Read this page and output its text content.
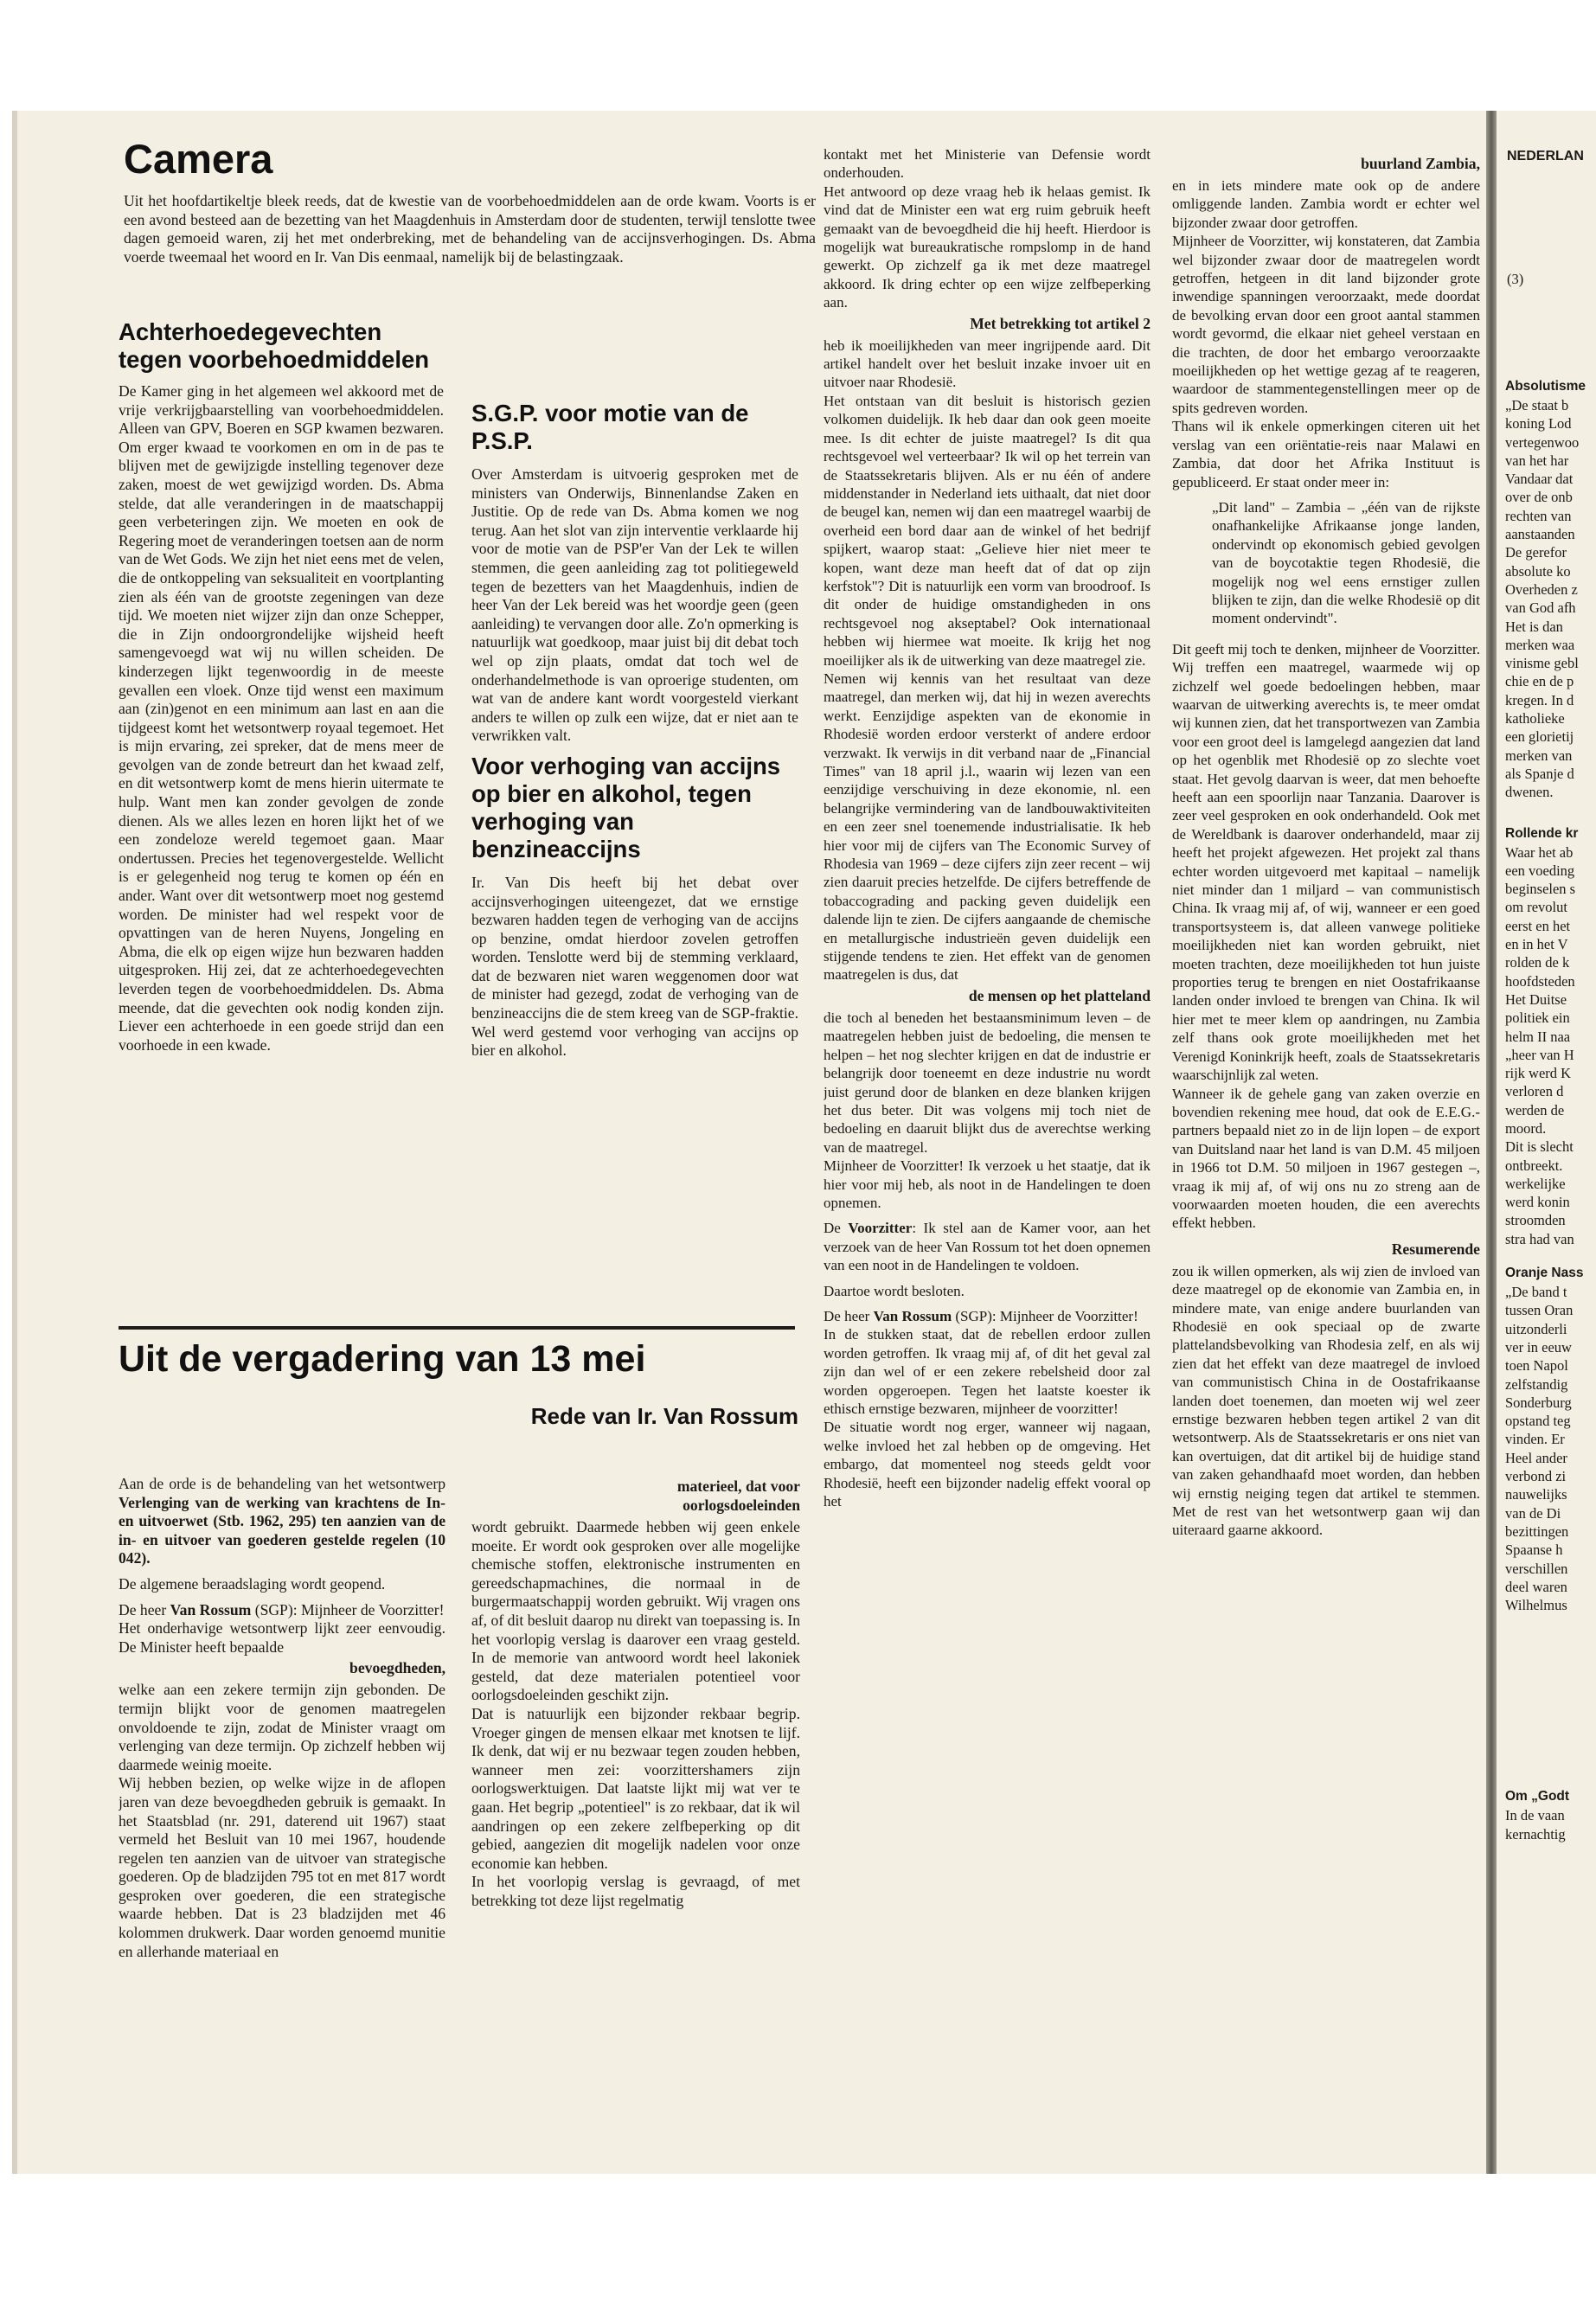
Camera
Uit het hoofdartikeltje bleek reeds, dat de kwestie van de voorbehoedmiddelen aan de orde kwam. Voorts is er een avond besteed aan de bezetting van het Maagdenhuis in Amsterdam door de studenten, terwijl tenslotte twee dagen gemoeid waren, zij het met onderbreking, met de behandeling van de accijnsverhogingen. Ds. Abma voerde tweemaal het woord en Ir. Van Dis eenmaal, namelijk bij de belastingzaak.
Achterhoedegevechten tegen voorbehoedmiddelen
De Kamer ging in het algemeen wel akkoord met de vrije verkrijgbaarstelling van voorbehoedmiddelen. Alleen van GPV, Boeren en SGP kwamen bezwaren. Om erger kwaad te voorkomen en om in de pas te blijven met de gewijzigde instelling tegenover deze zaken, moest de wet gewijzigd worden. Ds. Abma stelde, dat alle veranderingen in de maatschappij geen verbeteringen zijn. We moeten en ook de Regering moet de veranderingen toetsen aan de norm van de Wet Gods. We zijn het niet eens met de velen, die de ontkoppeling van seksualiteit en voortplanting zien als één van de grootste zegeningen van deze tijd. We moeten niet wijzer zijn dan onze Schepper, die in Zijn ondoorgrondelijke wijsheid heeft samengevoegd wat wij nu willen scheiden. De kinderzegen lijkt tegenwoordig in de meeste gevallen een vloek. Onze tijd wenst een maximum aan (zin)genot en een minimum aan last en aan die tijdgeest komt het wetsontwerp royaal tegemoet. Het is mijn ervaring, zei spreker, dat de mens meer de gevolgen van de zonde betreurt dan het kwaad zelf, en dit wetsontwerp komt de mens hierin uitermate te hulp. Want men kan zonder gevolgen de zonde dienen. Als we alles lezen en horen lijkt het of we een zondeloze wereld tegemoet gaan. Maar ondertussen. Precies het tegenovergestelde. Wellicht is er gelegenheid nog terug te komen op één en ander. Want over dit wetsontwerp moet nog gestemd worden. De minister had wel respekt voor de opvattingen van de heren Nuyens, Jongeling en Abma, die elk op eigen wijze hun bezwaren hadden uitgesproken. Hij zei, dat ze achterhoedegevechten leverden tegen de voorbehoedmiddelen. Ds. Abma meende, dat die gevechten ook nodig konden zijn. Liever een achterhoede in een goede strijd dan een voorhoede in een kwade.
S.G.P. voor motie van de P.S.P.
Over Amsterdam is uitvoerig gesproken met de ministers van Onderwijs, Binnenlandse Zaken en Justitie. Op de rede van Ds. Abma komen we nog terug. Aan het slot van zijn interventie verklaarde hij voor de motie van de PSP'er Van der Lek te willen stemmen, die geen aanleiding zag tot politiegeweld tegen de bezetters van het Maagdenhuis, indien de heer Van der Lek bereid was het woordje geen (geen aanleiding) te vervangen door alle. Zo'n opmerking is natuurlijk wat goedkoop, maar juist bij dit debat toch wel op zijn plaats, omdat dat toch wel de onderhandelmethode is van oproerige studenten, om wat van de andere kant wordt voorgesteld vierkant anders te willen op zulk een wijze, dat er niet aan te verwrikken valt.
Voor verhoging van accijns op bier en alkohol, tegen verhoging van benzineaccijns
Ir. Van Dis heeft bij het debat over accijnsverhogingen uiteengezet, dat we ernstige bezwaren hadden tegen de verhoging van de accijns op benzine, omdat hierdoor zovelen getroffen worden. Tenslotte werd bij de stemming verklaard, dat de bezwaren niet waren weggenomen door wat de minister had gezegd, zodat de verhoging van de benzineaccijns die de stem kreeg van de SGP-fraktie. Wel werd gestemd voor verhoging van accijns op bier en alkohol.
Uit de vergadering van 13 mei
Rede van Ir. Van Rossum
Aan de orde is de behandeling van het wetsontwerp Verlenging van de werking van krachtens de In- en uitvoerwet (Stb. 1962, 295) ten aanzien van de in- en uitvoer van goederen gestelde regelen (10 042).
De algemene beraadslaging wordt geopend.
De heer Van Rossum (SGP): Mijnheer de Voorzitter!
Het onderhavige wetsontwerp lijkt zeer eenvoudig. De Minister heeft bepaalde
bevoegdheden,
welke aan een zekere termijn zijn gebonden. De termijn blijkt voor de genomen maatregelen onvoldoende te zijn, zodat de Minister vraagt om verlenging van deze termijn. Op zichzelf hebben wij daarmede weinig moeite.
Wij hebben bezien, op welke wijze in de aflopen jaren van deze bevoegdheden gebruik is gemaakt. In het Staatsblad (nr. 291, daterend uit 1967) staat vermeld het Besluit van 10 mei 1967, houdende regelen ten aanzien van de uitvoer van strategische goederen. Op de bladzijden 795 tot en met 817 wordt gesproken over goederen, die een strategische waarde hebben. Dat is 23 bladzijden met 46 kolommen drukwerk. Daar worden genoemd munitie en allerhande materiaal en
materieel, dat voor oorlogsdoeleinden
wordt gebruikt. Daarmede hebben wij geen enkele moeite. Er wordt ook gesproken over alle mogelijke chemische stoffen, elektronische instrumenten en gereedschapmachines, die normaal in de burgermaatschappij worden gebruikt. Wij vragen ons af, of dit besluit daarop nu direkt van toepassing is. In het voorlopig verslag is daarover een vraag gesteld. In de memorie van antwoord wordt heel lakoniek gesteld, dat deze materialen potentieel voor oorlogsdoeleinden geschikt zijn.
Dat is natuurlijk een bijzonder rekbaar begrip. Vroeger gingen de mensen elkaar met knotsen te lijf. Ik denk, dat wij er nu bezwaar tegen zouden hebben, wanneer men zei: voorzittershamers zijn oorlogswerktuigen. Dat laatste lijkt mij wat ver te gaan. Het begrip „potentieel" is zo rekbaar, dat ik wil aandringen op een zekere zelfbeperking op dit gebied, aangezien dit mogelijk nadelen voor onze economie kan hebben.
In het voorlopig verslag is gevraagd, of met betrekking tot deze lijst regelmatig
kontakt met het Ministerie van Defensie wordt onderhouden.
Het antwoord op deze vraag heb ik helaas gemist. Ik vind dat de Minister een wat erg ruim gebruik heeft gemaakt van de bevoegdheid die hij heeft. Hierdoor is mogelijk wat bureaukratische rompslomp in de hand gewerkt. Op zichzelf ga ik met deze maatregel akkoord. Ik dring echter op een wijze zelfbeperking aan.
Met betrekking tot artikel 2
heb ik moeilijkheden van meer ingrijpende aard. Dit artikel handelt over het besluit inzake invoer uit en uitvoer naar Rhodesië.
Het ontstaan van dit besluit is historisch gezien volkomen duidelijk. Ik heb daar dan ook geen moeite mee. Is dit echter de juiste maatregel? Is dit qua rechtsgevoel wel verteerbaar? Ik wil op het terrein van de Staatssekretaris blijven. Als er nu één of andere middenstander in Nederland iets uithaalt, dat niet door de beugel kan, nemen wij dan een maatregel waarbij de overheid een bord daar aan de winkel of het bedrijf spijkert, waarop staat: „Gelieve hier niet meer te kopen, want deze man heeft dat of dat op zijn kerfstok"? Dit is natuurlijk een vorm van broodroof. Is dit onder de huidige omstandigheden in ons rechtsgevoel nog akseptabel? Ook internationaal hebben wij hiermee wat moeite. Ik krijg het nog moeilijker als ik de uitwerking van deze maatregel zie.
Nemen wij kennis van het resultaat van deze maatregel, dan merken wij, dat hij in wezen averechts werkt. Eenzijdige aspekten van de ekonomie in Rhodesië worden erdoor versterkt of andere erdoor verzwakt. Ik verwijs in dit verband naar de „Financial Times" van 18 april j.l., waarin wij lezen van een eenzijdige verschuiving in deze ekonomie, nl. een belangrijke vermindering van de landbouwaktiviteiten en een zeer snel toenemende industrialisatie. Ik heb hier voor mij de cijfers van The Economic Survey of Rhodesia van 1969 – deze cijfers zijn zeer recent – wij zien daaruit precies hetzelfde. De cijfers betreffende de tobaccograding and packing geven duidelijk een dalende lijn te zien. De cijfers aangaande de chemische en metallurgische industrieën geven duidelijk een stijgende tendens te zien. Het effekt van de genomen maatregelen is dus, dat
de mensen op het platteland
die toch al beneden het bestaansminimum leven – de maatregelen hebben juist de bedoeling, die mensen te helpen – het nog slechter krijgen en dat de industrie er belangrijk door toeneemt en deze industrie nu wordt juist gerund door de blanken en deze blanken krijgen het dus beter. Dit was volgens mij toch niet de bedoeling en daaruit blijkt dus de averechtse werking van de maatregel.
Mijnheer de Voorzitter! Ik verzoek u het staatje, dat ik hier voor mij heb, als noot in de Handelingen te doen opnemen.
De Voorzitter: Ik stel aan de Kamer voor, aan het verzoek van de heer Van Rossum tot het doen opnemen van een noot in de Handelingen te voldoen.
Daartoe wordt besloten.
De heer Van Rossum (SGP): Mijnheer de Voorzitter!
In de stukken staat, dat de rebellen erdoor zullen worden getroffen. Ik vraag mij af, of dit het geval zal zijn dan wel of er een zekere rebelsheid door zal worden opgeroepen. Tegen het laatste koester ik ethisch ernstige bezwaren, mijnheer de voorzitter!
De situatie wordt nog erger, wanneer wij nagaan, welke invloed het zal hebben op de omgeving. Het embargo, dat momenteel nog steeds geldt voor Rhodesië, heeft een bijzonder nadelig effekt vooral op het
buurland Zambia,
en in iets mindere mate ook op de andere omliggende landen. Zambia wordt er echter wel bijzonder zwaar door getroffen.
Mijnheer de Voorzitter, wij konstateren, dat Zambia wel bijzonder zwaar door de maatregelen wordt getroffen, hetgeen in dit land bijzonder grote inwendige spanningen veroorzaakt, mede doordat de bevolking ervan door een groot aantal stammen wordt gevormd, die elkaar niet geheel verstaan en die trachten, de door het embargo veroorzaakte moeilijkheden op het wettige gezag af te reageren, waardoor de stammentegenstellingen meer op de spits gedreven worden.
Thans wil ik enkele opmerkingen citeren uit het verslag van een oriëntatie-reis naar Malawi en Zambia, dat door het Afrika Instituut is gepubliceerd. Er staat onder meer in:
„Dit land" – Zambia – „één van de rijkste onafhankelijke Afrikaanse jonge landen, ondervindt op ekonomisch gebied gevolgen van de boycotaktie tegen Rhodesië, die mogelijk nog wel eens ernstiger zullen blijken te zijn, dan die welke Rhodesië op dit moment ondervindt".
Dit geeft mij toch te denken, mijnheer de Voorzitter. Wij treffen een maatregel, waarmede wij op zichzelf wel goede bedoelingen hebben, maar waarvan de uitwerking averechts is, te meer omdat wij kunnen zien, dat het transportwezen van Zambia voor een groot deel is lamgelegd aangezien dat land op het ogenblik met Rhodesië op zo slechte voet staat. Het gevolg daarvan is weer, dat men behoefte heeft aan een spoorlijn naar Tanzania. Daarover is zeer veel gesproken en ook onderhandeld. Ook met de Wereldbank is daarover onderhandeld, maar zij heeft het projekt afgewezen. Het projekt zal thans echter worden uitgevoerd met kapitaal – namelijk niet minder dan 1 miljard – van communistisch China. Ik vraag mij af, of wij, wanneer er een goed transportsysteem is, dat alleen vanwege politieke moeilijkheden niet kan worden gebruikt, niet moeten trachten, deze moeilijkheden tot hun juiste proporties terug te brengen en niet Oostafrikaanse landen onder invloed te brengen van China. Ik wil hier met te meer klem op aandringen, nu Zambia zelf thans ook grote moeilijkheden met het Verenigd Koninkrijk heeft, zoals de Staatssekretaris waarschijnlijk zal weten.
Wanneer ik de gehele gang van zaken overzie en bovendien rekening mee houd, dat ook de E.E.G.-partners bepaald niet zo in de lijn lopen – de export van Duitsland naar het land is van D.M. 45 miljoen in 1966 tot D.M. 50 miljoen in 1967 gestegen –, vraag ik mij af, of wij ons nu zo streng aan de voorwaarden moeten houden, die een averechts effekt hebben.
Resumerende
zou ik willen opmerken, als wij zien de invloed van deze maatregel op de ekonomie van Zambia en, in mindere mate, van enige andere buurlanden van Rhodesië en ook speciaal op de zwarte plattelandsbevolking van Rhodesia zelf, en als wij zien dat het effekt van deze maatregel de invloed van communistisch China in de Oostafrikaanse landen doet toenemen, dan moeten wij wel zeer ernstige bezwaren hebben tegen artikel 2 van dit wetsontwerp. Als de Staatssekretaris er ons niet van kan overtuigen, dat dit artikel bij de huidige stand van zaken gehandhaafd moet worden, dan hebben wij ernstig neiging tegen dat artikel te stemmen. Met de rest van het wetsontwerp gaan wij dan uiteraard gaarne akkoord.
NEDERLAN
(3)
Absolutisme
„De staat b
koning Lod
vertegenwoo
van het har
Vandaar dat
over de onb
rechten van
aanstaanden
De gerefor
absolute ko
Overheden z
van God afh
Het is dan
merken waa
vinisme gebl
chie en de p
kregen. In d
katholieke
een glorietij
merken van
als Spanje d
dwenen.
Rollende kr
Waar het ab
een voeding
beginselen s
om revolut
eerst en het
en in het V
rolden de k
hoofdsteden
Het Duitse
politiek ein
helm II naa
„heer van H
rijk werd K
verloren d
werden de
moord.
Dit is slecht
ontbreekt.
werkelijke
werd konin
stroomden
stra had van
Oranje Nass
„De band t
tussen Oran
uitzonderli
ver in eeuw
toen Napol
zelfstandig
Sonderburg
opstand teg
vinden. Er
Heel ander
verbond zi
nauwelijks
van de Di
bezittingen
Spaanse h
verschillen
deel waren
Wilhelmus
Om „Godt
In de vaan
kernachtig
